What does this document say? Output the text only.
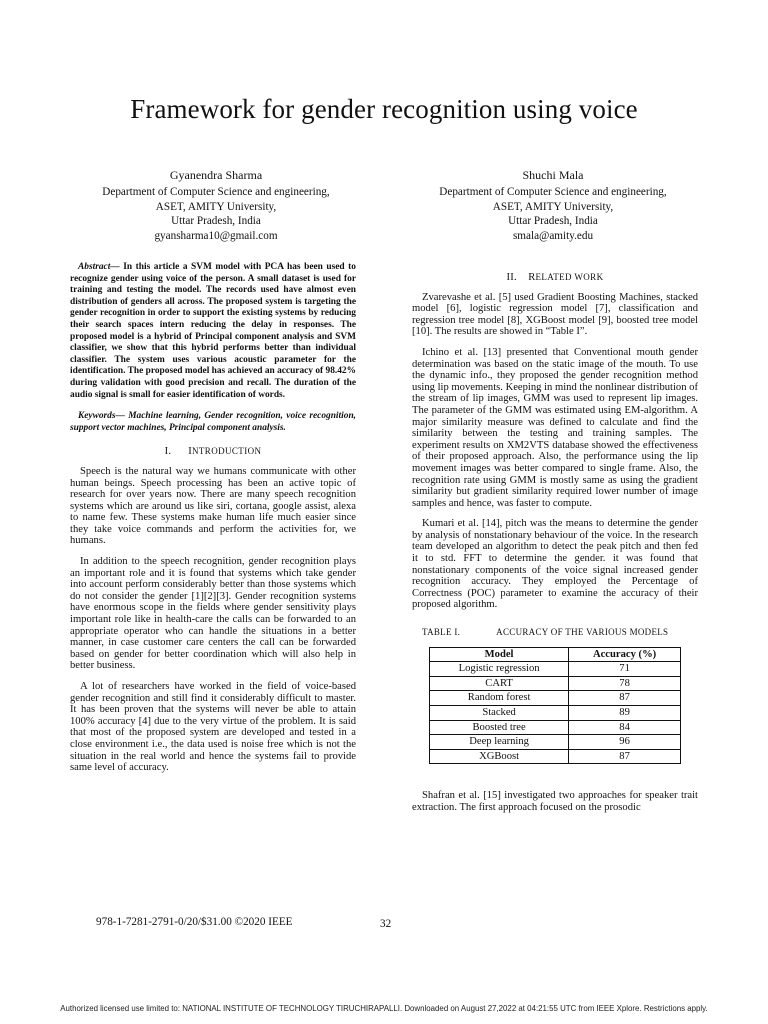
Framework for gender recognition using voice
Gyanendra Sharma
Department of Computer Science and engineering,
ASET, AMITY University,
Uttar Pradesh, India
gyansharma10@gmail.com
Shuchi Mala
Department of Computer Science and engineering,
ASET, AMITY University,
Uttar Pradesh, India
smala@amity.edu

Abstract— In this article a SVM model with PCA has been used to recognize gender using voice of the person. A small dataset is used for training and testing the model. The records used have almost even distribution of genders all across. The proposed system is targeting the gender recognition in order to support the existing systems by reducing their search spaces intern reducing the delay in responses. The proposed model is a hybrid of Principal component analysis and SVM classifier, we show that this hybrid performs better than individual classifier. The system uses various acoustic parameter for the identification. The proposed model has achieved an accuracy of 98.42% during validation with good precision and recall. The duration of the audio signal is small for easier identification of words.

Keywords— Machine learning, Gender recognition, voice recognition, support vector machines, Principal component analysis.

I. INTRODUCTION

Speech is the natural way we humans communicate with other human beings. Speech processing has been an active topic of research for over years now. There are many speech recognition systems which are around us like siri, cortana, google assist, alexa to name few. These systems make human life much easier since they take voice commands and perform the activities for, we humans.

In addition to the speech recognition, gender recognition plays an important role and it is found that systems which take gender into account perform considerably better than those systems which do not consider the gender [1][2][3]. Gender recognition systems have enormous scope in the fields where gender sensitivity plays important role like in health-care the calls can be forwarded to an appropriate operator who can handle the situations in a better manner, in case customer care centers the call can be forwarded based on gender for better coordination which will also help in better business.

A lot of researchers have worked in the field of voice-based gender recognition and still find it considerably difficult to master. It has been proven that the systems will never be able to attain 100% accuracy [4] due to the very virtue of the problem. It is said that most of the proposed system are developed and tested in a close environment i.e., the data used is noise free which is not the situation in the real world and hence the systems fail to provide same level of accuracy.

II. RELATED WORK

Zvarevashe et al. [5] used Gradient Boosting Machines, stacked model [6], logistic regression model [7], classification and regression tree model [8], XGBoost model [9], boosted tree model [10]. The results are showed in “Table I”.

Ichino et al. [13] presented that Conventional mouth gender determination was based on the static image of the mouth. To use the dynamic info., they proposed the gender recognition method using lip movements. Keeping in mind the nonlinear distribution of the stream of lip images, GMM was used to represent lip images. The parameter of the GMM was estimated using EM-algorithm. A major similarity measure was defined to calculate and find the similarity between the testing and training samples. The experiment results on XM2VTS database showed the effectiveness of their proposed approach. Also, the performance using the lip movement images was better compared to single frame. Also, the recognition rate using GMM is mostly same as using the gradient similarity but gradient similarity required lower number of image samples and hence, was faster to compute.

Kumari et al. [14], pitch was the means to determine the gender by analysis of nonstationary behaviour of the voice. In the research team developed an algorithm to detect the peak pitch and then fed it to std. FFT to determine the gender. it was found that nonstationary components of the voice signal increased gender recognition accuracy. They employed the Percentage of Correctness (POC) parameter to examine the accuracy of their proposed algorithm.

TABLE I.	ACCURACY OF THE VARIOUS MODELS
Model	Accuracy (%)
Logistic regression	71
CART	78
Random forest	87
Stacked	89
Boosted tree	84
Deep learning	96
XGBoost	87

Shafran et al. [15] investigated two approaches for speaker trait extraction. The first approach focused on the prosodic

978-1-7281-2791-0/20/$31.00 ©2020 IEEE	32
Authorized licensed use limited to: NATIONAL INSTITUTE OF TECHNOLOGY TIRUCHIRAPALLI. Downloaded on August 27,2022 at 04:21:55 UTC from IEEE Xplore. Restrictions apply.
